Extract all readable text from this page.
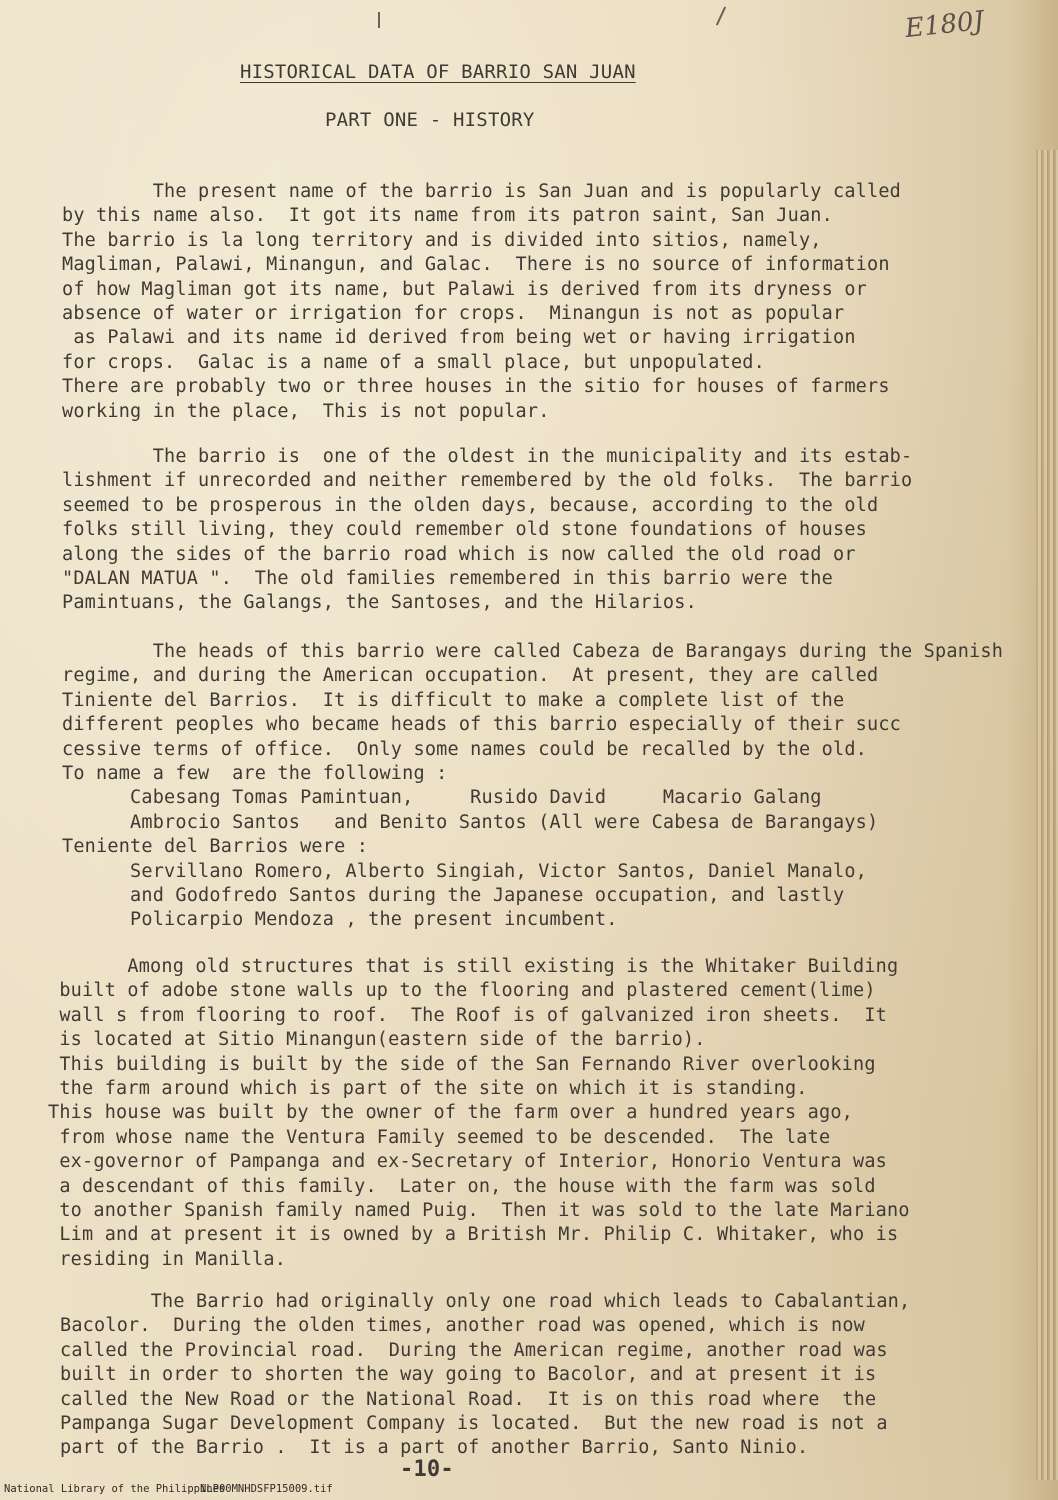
E180J
HISTORICAL DATA OF BARRIO SAN JUAN
PART ONE - HISTORY
The present name of the barrio is San Juan and is popularly called
by this name also.  It got its name from its patron saint, San Juan.
The barrio is la long territory and is divided into sitios, namely,
Magliman, Palawi, Minangun, and Galac.  There is no source of information
of how Magliman got its name, but Palawi is derived from its dryness or
absence of water or irrigation for crops.  Minangun is not as popular
as Palawi and its name id derived from being wet or having irrigation
for crops.  Galac is a name of a small place, but unpopulated.
There are probably two or three houses in the sitio for houses of farmers
working in the place,  This is not popular.
The barrio is  one of the oldest in the municipality and its estab-
lishment if unrecorded and neither remembered by the old folks.  The barrio
seemed to be prosperous in the olden days, because, according to the old
folks still living, they could remember old stone foundations of houses
along the sides of the barrio road which is now called the old road or
"DALAN MATUA ".  The old families remembered in this barrio were the
Pamintuans, the Galangs, the Santoses, and the Hilarios.
The heads of this barrio were called Cabeza de Barangays during the Spanish
regime, and during the American occupation.  At present, they are called
Tiniente del Barrios.  It is difficult to make a complete list of the
different peoples who became heads of this barrio especially of their succ
cessive terms of office.  Only some names could be recalled by the old.
To name a few  are the following :
Cabesang Tomas Pamintuan,     Rusido David     Macario Galang
Ambrocio Santos   and Benito Santos (All were Cabesa de Barangays)
Teniente del Barrios were :
Servillano Romero, Alberto Singiah, Victor Santos, Daniel Manalo,
and Godofredo Santos during the Japanese occupation, and lastly
Policarpio Mendoza , the present incumbent.
Among old structures that is still existing is the Whitaker Building
built of adobe stone walls up to the flooring and plastered cement(lime)
wall s from flooring to roof.  The Roof is of galvanized iron sheets.  It
is located at Sitio Minangun(eastern side of the barrio).
This building is built by the side of the San Fernando River overlooking
the farm around which is part of the site on which it is standing.
This house was built by the owner of the farm over a hundred years ago,
from whose name the Ventura Family seemed to be descended.  The late
ex-governor of Pampanga and ex-Secretary of Interior, Honorio Ventura was
a descendant of this family.  Later on, the house with the farm was sold
to another Spanish family named Puig.  Then it was sold to the late Mariano
Lim and at present it is owned by a British Mr. Philip C. Whitaker, who is
residing in Manilla.
The Barrio had originally only one road which leads to Cabalantian,
Bacolor.  During the olden times, another road was opened, which is now
called the Provincial road.  During the American regime, another road was
built in order to shorten the way going to Bacolor, and at present it is
called the New Road or the National Road.  It is on this road where  the
Pampanga Sugar Development Company is located.  But the new road is not a
part of the Barrio .  It is a part of another Barrio, Santo Ninio.
-10-
National Library of the Philippines
NLP00MNHDSFP15009.tif
